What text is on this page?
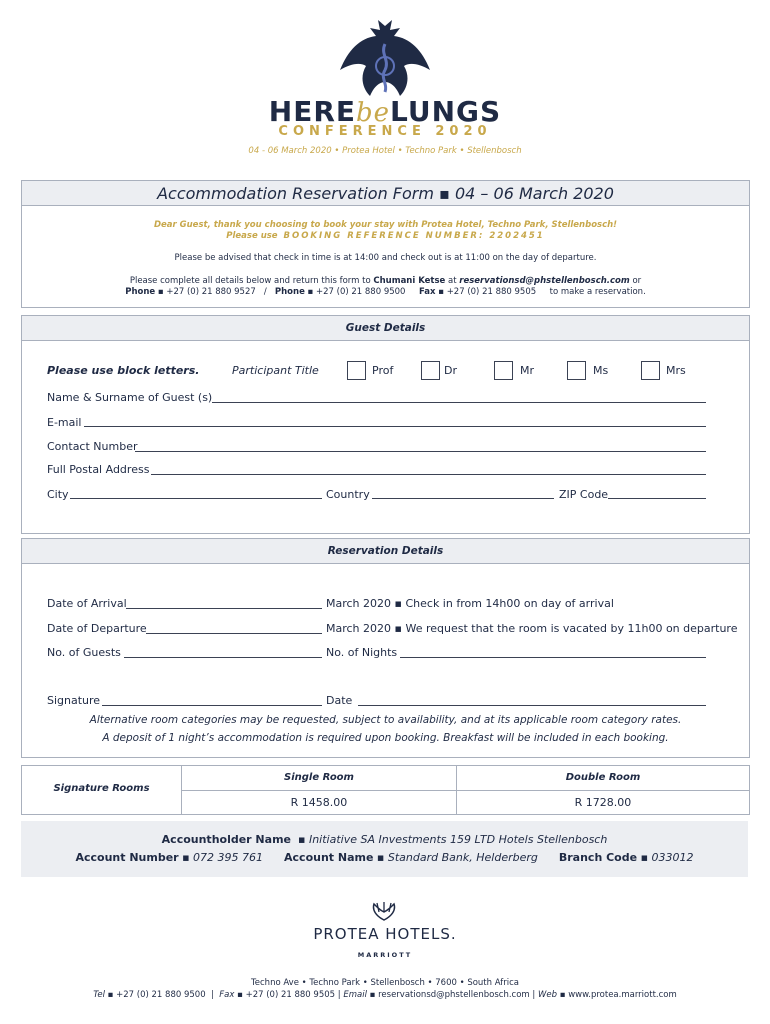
HEREbeLUNGS
CONFERENCE 2020
04 - 06 March 2020 • Protea Hotel • Techno Park • Stellenbosch
Accommodation Reservation Form ▪ 04 – 06 March 2020
Dear Guest, thank you choosing to book your stay with Protea Hotel, Techno Park, Stellenbosch!
Please use BOOKING REFERENCE NUMBER: 2202451
Please be advised that check in time is at 14:00 and check out is at 11:00 on the day of departure.
Please complete all details below and return this form to Chumani Ketse at reservationsd@phstellenbosch.com or
Phone ▪ +27 (0) 21 880 9527 / Phone ▪ +27 (0) 21 880 9500 Fax ▪ +27 (0) 21 880 9505 to make a reservation.
Guest Details
Please use block letters.	Participant Title	Prof	Dr	Mr	Ms	Mrs
Name & Surname of Guest (s)
E-mail
Contact Number
Full Postal Address
City	Country	ZIP Code
Reservation Details
Date of Arrival	March 2020 ▪ Check in from 14h00 on day of arrival
Date of Departure	March 2020 ▪ We request that the room is vacated by 11h00 on departure
No. of Guests	No. of Nights
Signature	Date
Alternative room categories may be requested, subject to availability, and at its applicable room category rates.
A deposit of 1 night’s accommodation is required upon booking. Breakfast will be included in each booking.
Signature Rooms
Single Room	Double Room
R 1458.00	R 1728.00
Accountholder Name  ▪ Initiative SA Investments 159 LTD Hotels Stellenbosch
Account Number ▪ 072 395 761 Account Name ▪ Standard Bank, Helderberg Branch Code ▪ 033012
PROTEA HOTELS.
MARRIOTT
Techno Ave • Techno Park • Stellenbosch • 7600 • South Africa
Tel ▪ +27 (0) 21 880 9500  |  Fax ▪ +27 (0) 21 880 9505 | Email ▪ reservationsd@phstellenbosch.com | Web ▪ www.protea.marriott.com
